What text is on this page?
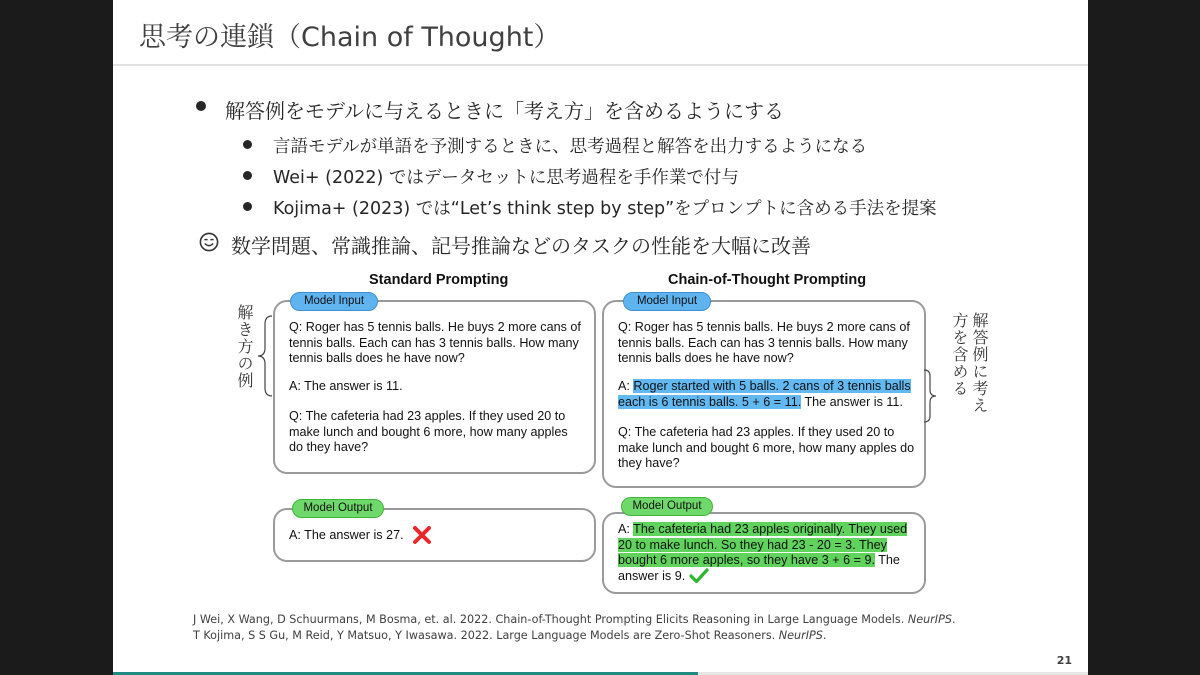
思考の連鎖（Chain of Thought）
解答例をモデルに与えるときに「考え方」を含めるようにする
言語モデルが単語を予測するときに、思考過程と解答を出力するようになる
Wei+ (2022) ではデータセットに思考過程を手作業で付与
Kojima+ (2023) では“Let’s think step by step”をプロンプトに含める手法を提案
数学問題、常識推論、記号推論などのタスクの性能を大幅に改善
Standard Prompting	Chain-of-Thought Prompting
解き方の例	Q: Roger has 5 tennis balls. He buys 2 more cans of tennis balls. Each can has 3 tennis balls. How many tennis balls does he have now?
A: The answer is 11.
Q: The cafeteria had 23 apples. If they used 20 to make lunch and bought 6 more, how many apples do they have?
Model Input
A: The answer is 27.
Model Output
Q: Roger has 5 tennis balls. He buys 2 more cans of tennis balls. Each can has 3 tennis balls. How many tennis balls does he have now?
A: Roger started with 5 balls. 2 cans of 3 tennis balls each is 6 tennis balls. 5 + 6 = 11. The answer is 11.
Q: The cafeteria had 23 apples. If they used 20 to make lunch and bought 6 more, how many apples do they have?
Model Input
A: The cafeteria had 23 apples originally. They used 20 to make lunch. So they had 23 - 20 = 3. They bought 6 more apples, so they have 3 + 6 = 9. The answer is 9.
Model Output
解答例に考え方を含める
J Wei, X Wang, D Schuurmans, M Bosma, et. al. 2022. Chain-of-Thought Prompting Elicits Reasoning in Large Language Models. NeurIPS.
T Kojima, S S Gu, M Reid, Y Matsuo, Y Iwasawa. 2022. Large Language Models are Zero-Shot Reasoners. NeurIPS.
21
